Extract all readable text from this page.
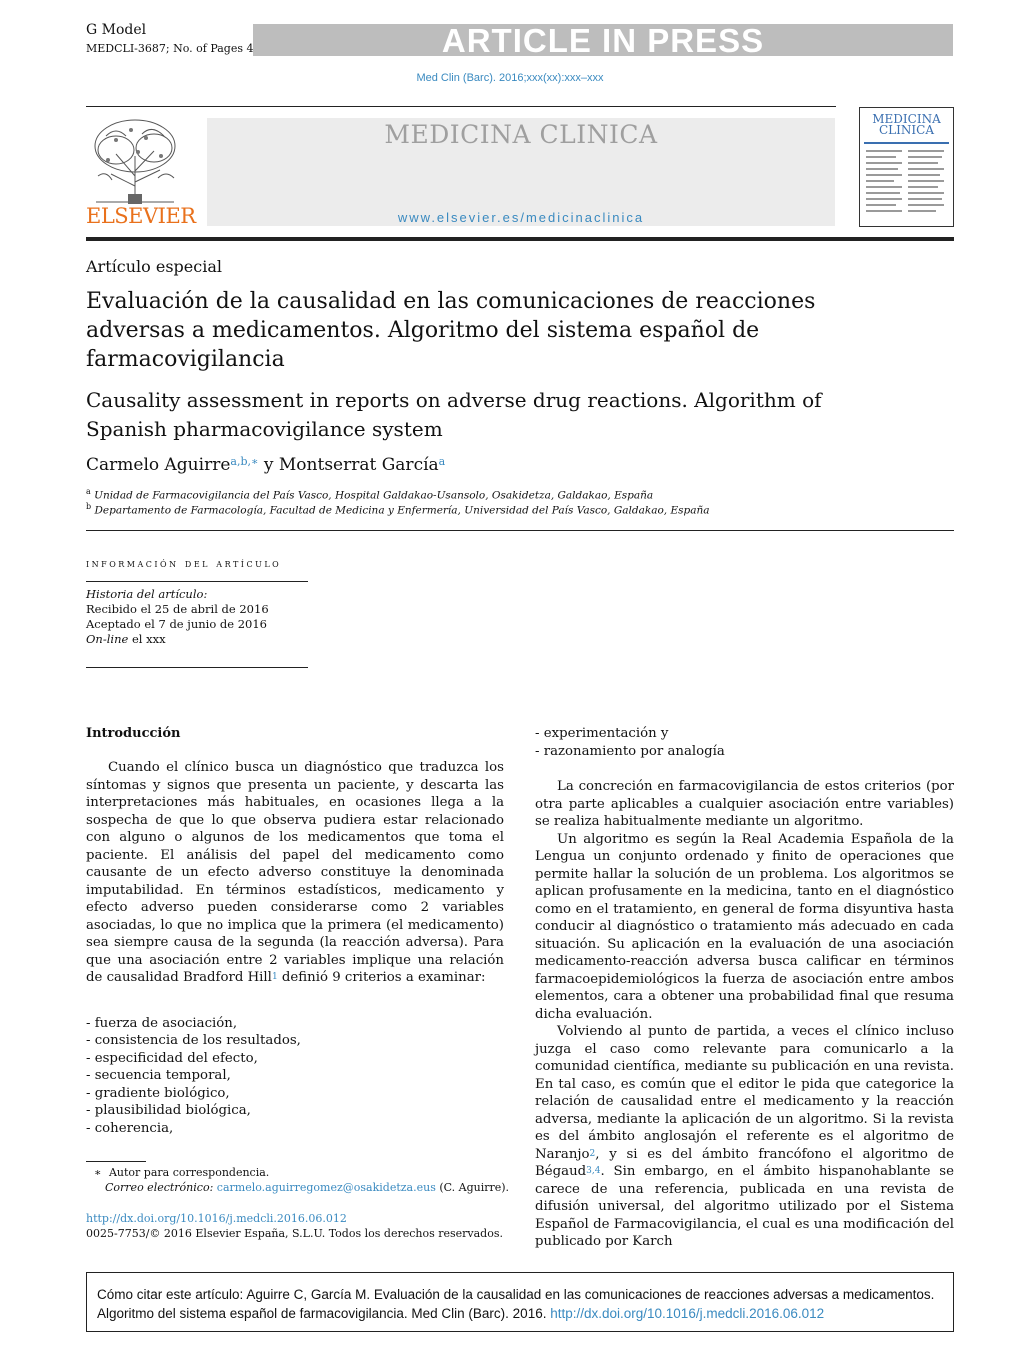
G Model
MEDCLI-3687; No. of Pages 4	ARTICLE IN PRESS
Med Clin (Barc). 2016;xxx(xx):xxx–xxx
ELSEVIER
MEDICINA CLINICA
www.elsevier.es/medicinaclinica
MEDICINA CLINICA
Artículo especial
Evaluación de la causalidad en las comunicaciones de reacciones adversas a medicamentos. Algoritmo del sistema español de farmacovigilancia
Causality assessment in reports on adverse drug reactions. Algorithm of Spanish pharmacovigilance system
Carmelo Aguirre$^{a,b,∗}$ y Montserrat García$^a$
$^a$ Unidad de Farmacovigilancia del País Vasco, Hospital Galdakao-Usansolo, Osakidetza, Galdakao, España
$^b$ Departamento de Farmacología, Facultad de Medicina y Enfermería, Universidad del País Vasco, Galdakao, España
información del artículo
Historia del artículo:
Recibido el 25 de abril de 2016
Aceptado el 7 de junio de 2016
On-line el xxx
Introducción

Cuando el clínico busca un diagnóstico que traduzca los síntomas y signos que presenta un paciente, y descarta las interpretaciones más habituales, en ocasiones llega a la sospecha de que lo que observa pudiera estar relacionado con alguno o algunos de los medicamentos que toma el paciente. El análisis del papel del medicamento como causante de un efecto adverso constituye la denominada imputabilidad. En términos estadísticos, medicamento y efecto adverso pueden considerarse como 2 variables asociadas, lo que no implica que la primera (el medicamento) sea siempre causa de la segunda (la reacción adversa). Para que una asociación entre 2 variables implique una relación de causalidad Bradford Hill$^1$ definió 9 criterios a examinar:

- fuerza de asociación,
- consistencia de los resultados,
- especificidad del efecto,
- secuencia temporal,
- gradiente biológico,
- plausibilidad biológica,
- coherencia,
- experimentación y
- razonamiento por analogía

La concreción en farmacovigilancia de estos criterios (por otra parte aplicables a cualquier asociación entre variables) se realiza habitualmente mediante un algoritmo.

Un algoritmo es según la Real Academia Española de la Lengua un conjunto ordenado y finito de operaciones que permite hallar la solución de un problema. Los algoritmos se aplican profusamente en la medicina, tanto en el diagnóstico como en el tratamiento, en general de forma disyuntiva hasta conducir al diagnóstico o tratamiento más adecuado en cada situación. Su aplicación en la evaluación de una asociación medicamento-reacción adversa busca calificar en términos farmacoepidemiológicos la fuerza de asociación entre ambos elementos, cara a obtener una probabilidad final que resuma dicha evaluación.

Volviendo al punto de partida, a veces el clínico incluso juzga el caso como relevante para comunicarlo a la comunidad científica, mediante su publicación en una revista. En tal caso, es común que el editor le pida que categorice la relación de causalidad entre el medicamento y la reacción adversa, mediante la aplicación de un algoritmo. Si la revista es del ámbito anglosajón el referente es el algoritmo de Naranjo$^2$, y si es del ámbito francófono el algoritmo de Bégaud$^{3,4}$. Sin embargo, en el ámbito hispanohablante se carece de una referencia, publicada en una revista de difusión universal, del algoritmo utilizado por el Sistema Español de Farmacovigilancia, el cual es una modificación del publicado por Karch

∗ Autor para correspondencia.
Correo electrónico: carmelo.aguirregomez@osakidetza.eus (C. Aguirre).
http://dx.doi.org/10.1016/j.medcli.2016.06.012
0025-7753/© 2016 Elsevier España, S.L.U. Todos los derechos reservados.
Cómo citar este artículo: Aguirre C, García M. Evaluación de la causalidad en las comunicaciones de reacciones adversas a medicamentos. Algoritmo del sistema español de farmacovigilancia. Med Clin (Barc). 2016. http://dx.doi.org/10.1016/j.medcli.2016.06.012
